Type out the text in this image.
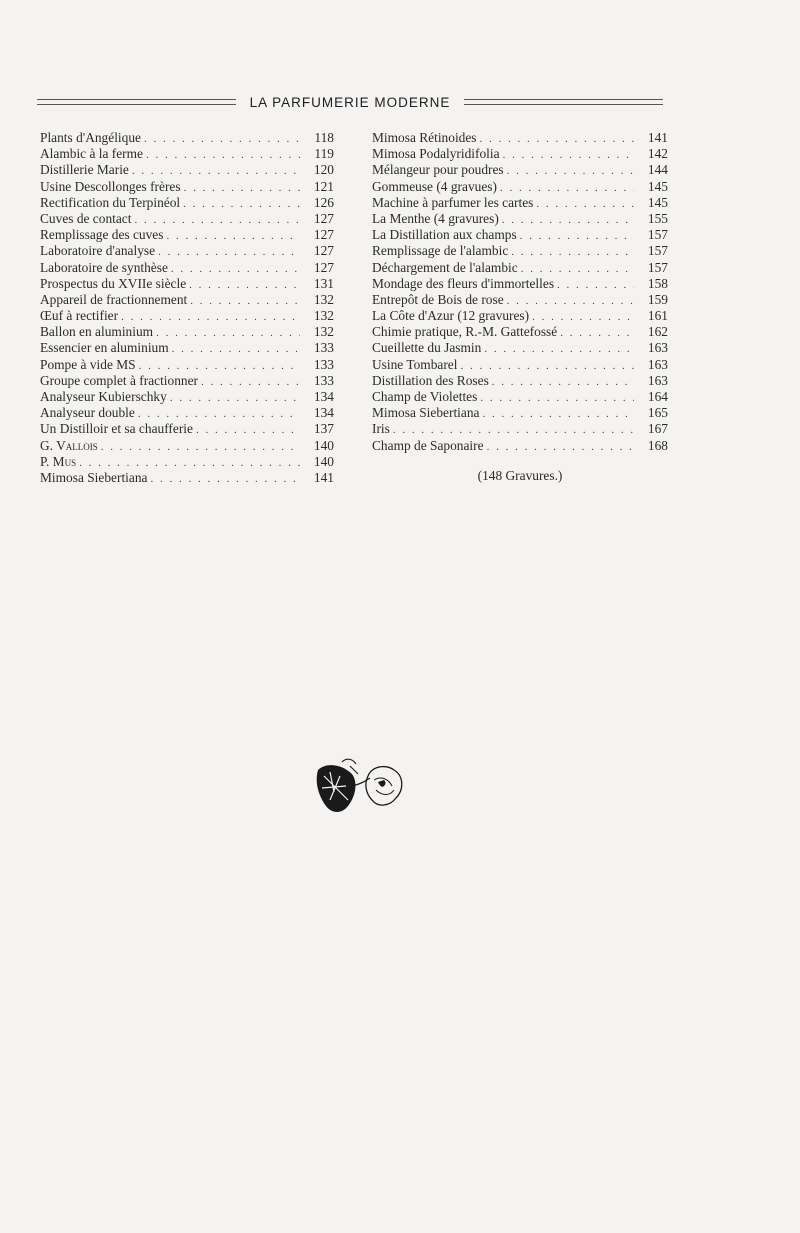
LA PARFUMERIE MODERNE
Plants d'Angélique . . .	118
Alambic à la ferme . . .	119
Distillerie Marie . . .	120
Usine Descollonges frères . . .	121
Rectification du Terpinéol . . .	126
Cuves de contact . . .	127
Remplissage des cuves . . .	127
Laboratoire d'analyse . . .	127
Laboratoire de synthèse . . .	127
Prospectus du XVIIe siècle . . .	131
Appareil de fractionnement . . .	132
Œuf à rectifier . . .	132
Ballon en aluminium . . .	132
Essencier en aluminium . . .	133
Pompe à vide MS . . .	133
Groupe complet à fractionner . . .	133
Analyseur Kubierschky . . .	134
Analyseur double . . .	134
Un Distilloir et sa chaufferie . . .	137
G. Vallois . . .	140
P. Mus . . .	140
Mimosa Siebertiana . . .	141
Mimosa Rétinoides . . .	141
Mimosa Podalyridifolia . . .	142
Mélangeur pour poudres . . .	144
Gommeuse (4 gravues) . . .	145
Machine à parfumer les cartes . . .	145
La Menthe (4 gravures) . . .	155
La Distillation aux champs . . .	157
Remplissage de l'alambic . . .	157
Déchargement de l'alambic . . .	157
Mondage des fleurs d'immortelles . . .	158
Entrepôt de Bois de rose . . .	159
La Côte d'Azur (12 gravures) . . .	161
Chimie pratique, R.-M. Gattefossé . . .	162
Cueillette du Jasmin . . .	163
Usine Tombarel . . .	163
Distillation des Roses . . .	163
Champ de Violettes . . .	164
Mimosa Siebertiana . . .	165
Iris . . .	167
Champ de Saponaire . . .	168
(148 Gravures.)
